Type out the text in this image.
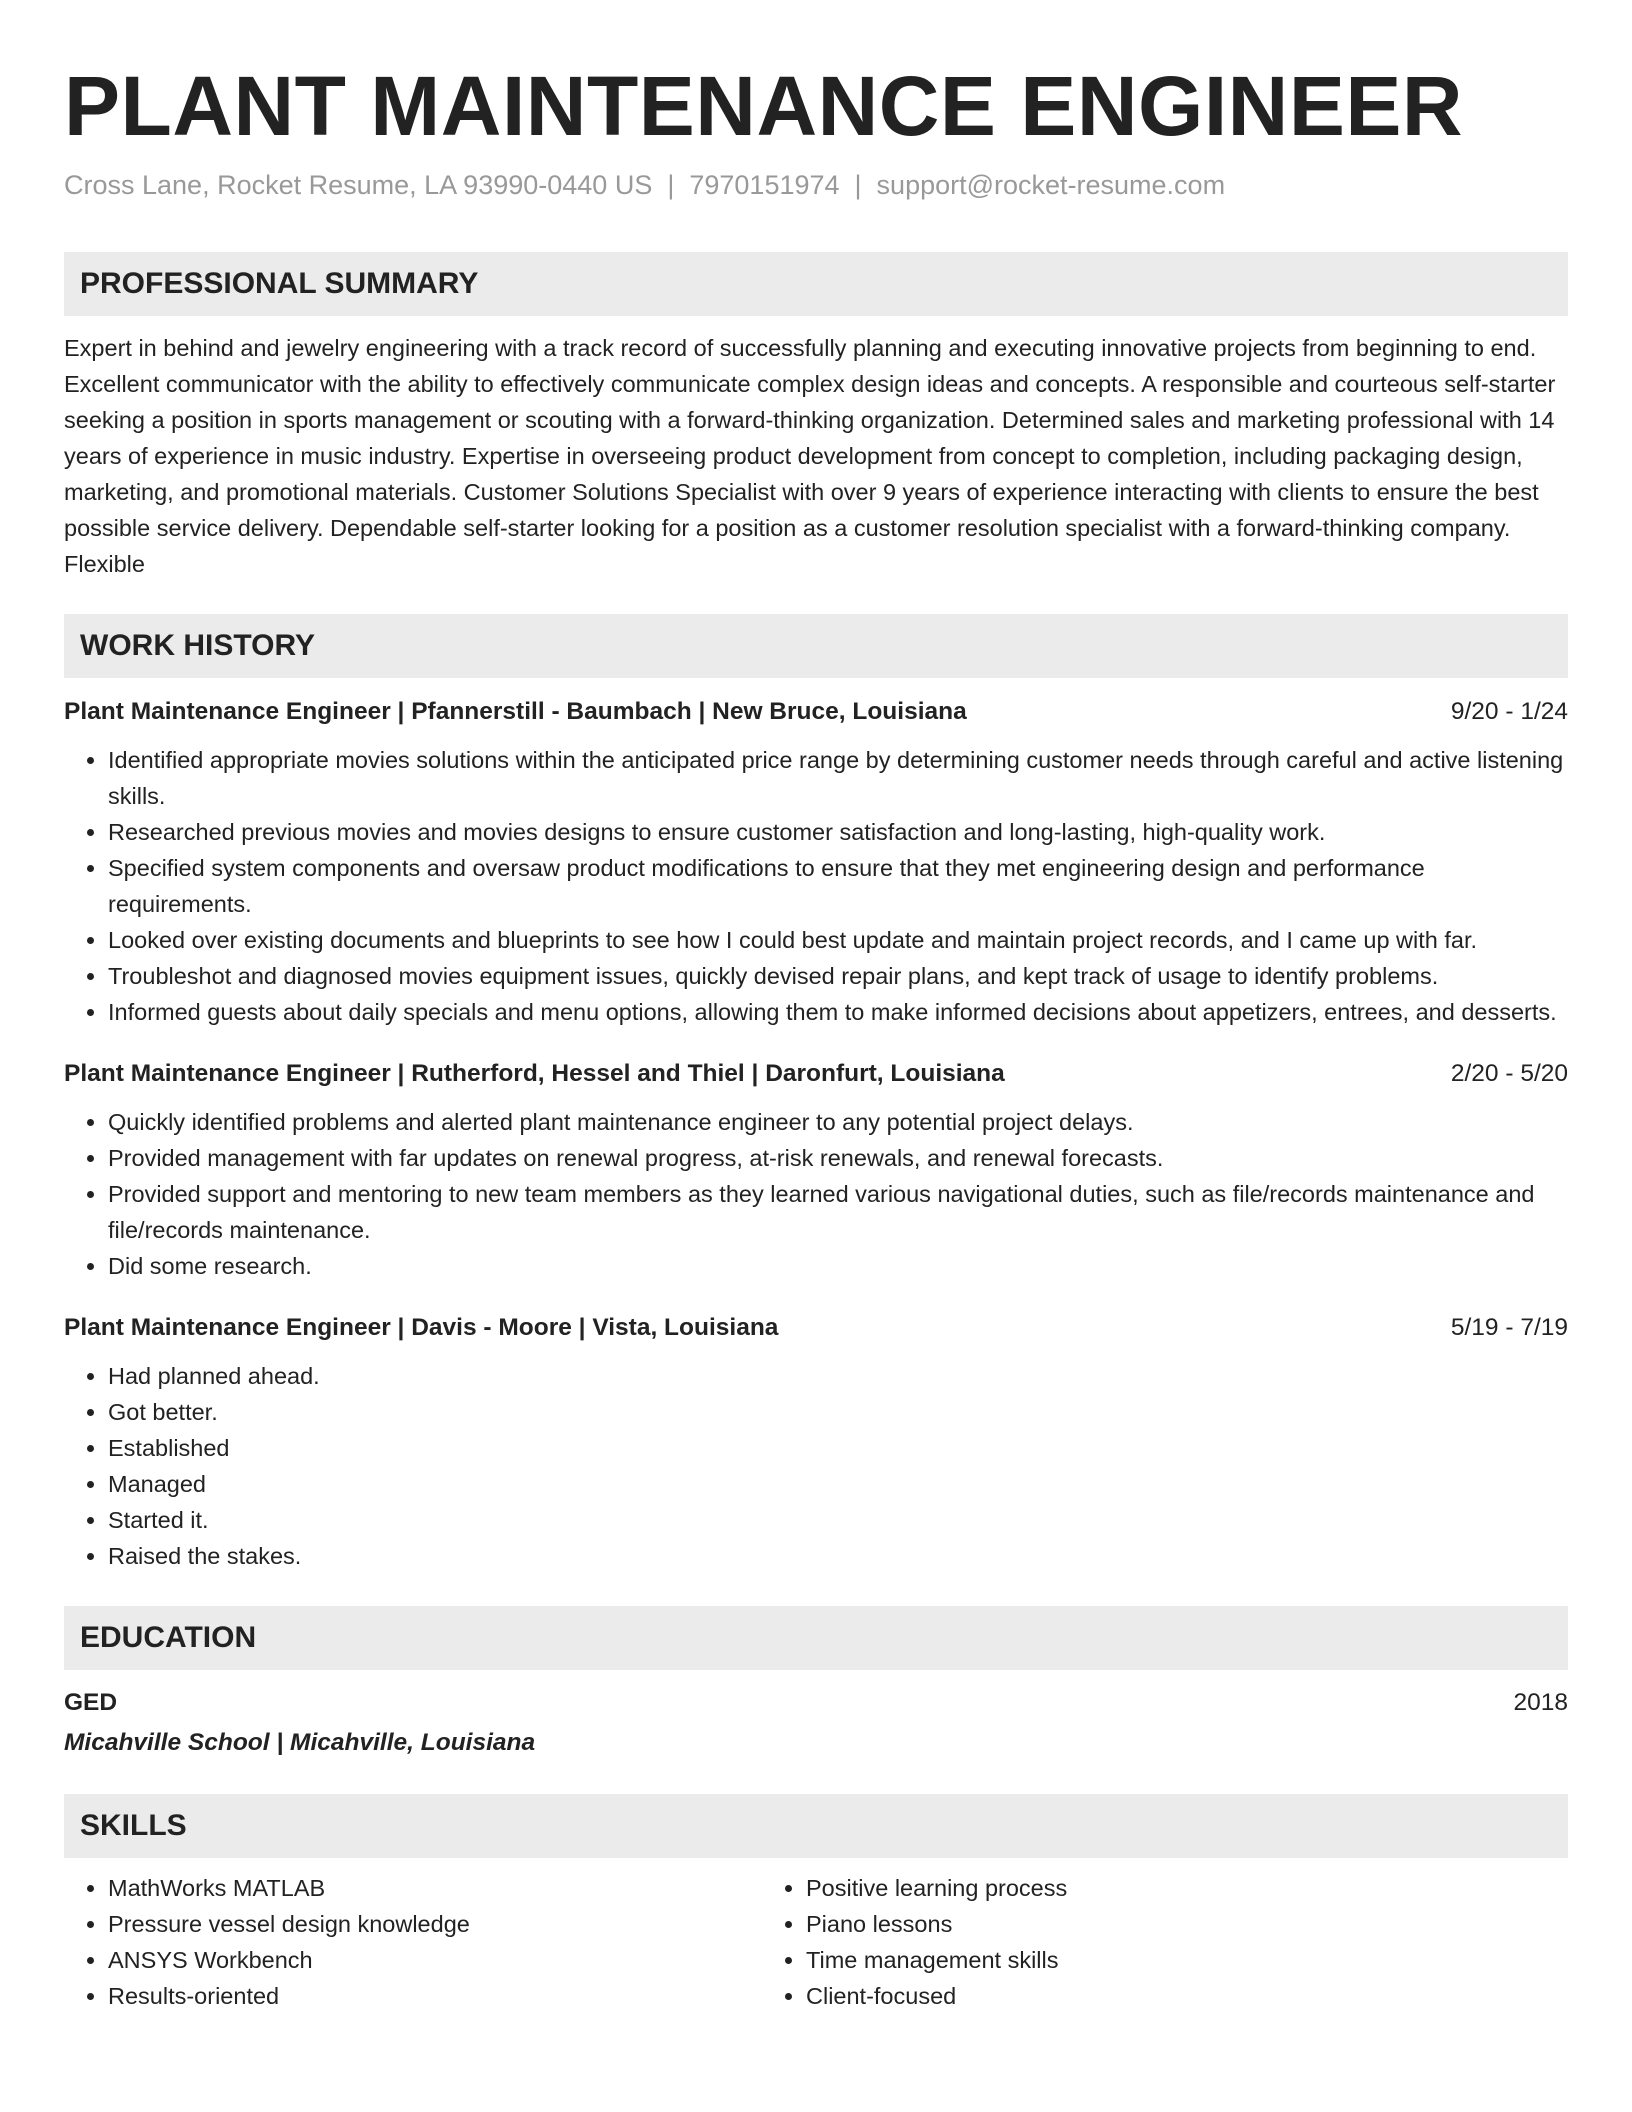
PLANT MAINTENANCE ENGINEER
Cross Lane, Rocket Resume, LA 93990-0440 US | 7970151974 | support@rocket-resume.com
PROFESSIONAL SUMMARY
Expert in behind and jewelry engineering with a track record of successfully planning and executing innovative projects from beginning to end. Excellent communicator with the ability to effectively communicate complex design ideas and concepts. A responsible and courteous self-starter seeking a position in sports management or scouting with a forward-thinking organization. Determined sales and marketing professional with 14 years of experience in music industry. Expertise in overseeing product development from concept to completion, including packaging design, marketing, and promotional materials. Customer Solutions Specialist with over 9 years of experience interacting with clients to ensure the best possible service delivery. Dependable self-starter looking for a position as a customer resolution specialist with a forward-thinking company. Flexible
WORK HISTORY
Plant Maintenance Engineer | Pfannerstill - Baumbach | New Bruce, Louisiana	9/20 - 1/24
• Identified appropriate movies solutions within the anticipated price range by determining customer needs through careful and active listening skills.
• Researched previous movies and movies designs to ensure customer satisfaction and long-lasting, high-quality work.
• Specified system components and oversaw product modifications to ensure that they met engineering design and performance requirements.
• Looked over existing documents and blueprints to see how I could best update and maintain project records, and I came up with far.
• Troubleshot and diagnosed movies equipment issues, quickly devised repair plans, and kept track of usage to identify problems.
• Informed guests about daily specials and menu options, allowing them to make informed decisions about appetizers, entrees, and desserts.
Plant Maintenance Engineer | Rutherford, Hessel and Thiel | Daronfurt, Louisiana	2/20 - 5/20
• Quickly identified problems and alerted plant maintenance engineer to any potential project delays.
• Provided management with far updates on renewal progress, at-risk renewals, and renewal forecasts.
• Provided support and mentoring to new team members as they learned various navigational duties, such as file/records maintenance and file/records maintenance.
• Did some research.
Plant Maintenance Engineer | Davis - Moore | Vista, Louisiana	5/19 - 7/19
• Had planned ahead.
• Got better.
• Established
• Managed
• Started it.
• Raised the stakes.
EDUCATION
GED	2018
Micahville School | Micahville, Louisiana
SKILLS
• MathWorks MATLAB
• Pressure vessel design knowledge
• ANSYS Workbench
• Results-oriented
• Positive learning process
• Piano lessons
• Time management skills
• Client-focused
